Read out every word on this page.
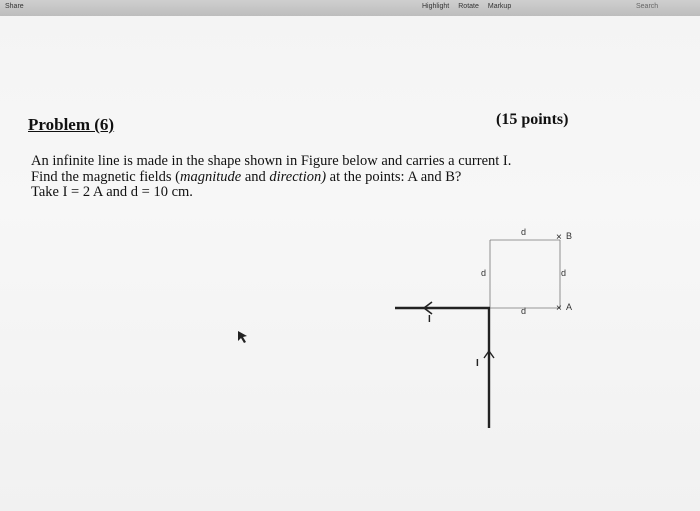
Share	Highlight Rotate Markup	Search
Problem (6)	(15 points)
An infinite line is made in the shape shown in Figure below and carries a current I.
Find the magnetic fields (magnitude and direction) at the points: A and B?
Take I = 2 A and d = 10 cm.
d	× B
d	d
d	× A
I
I
